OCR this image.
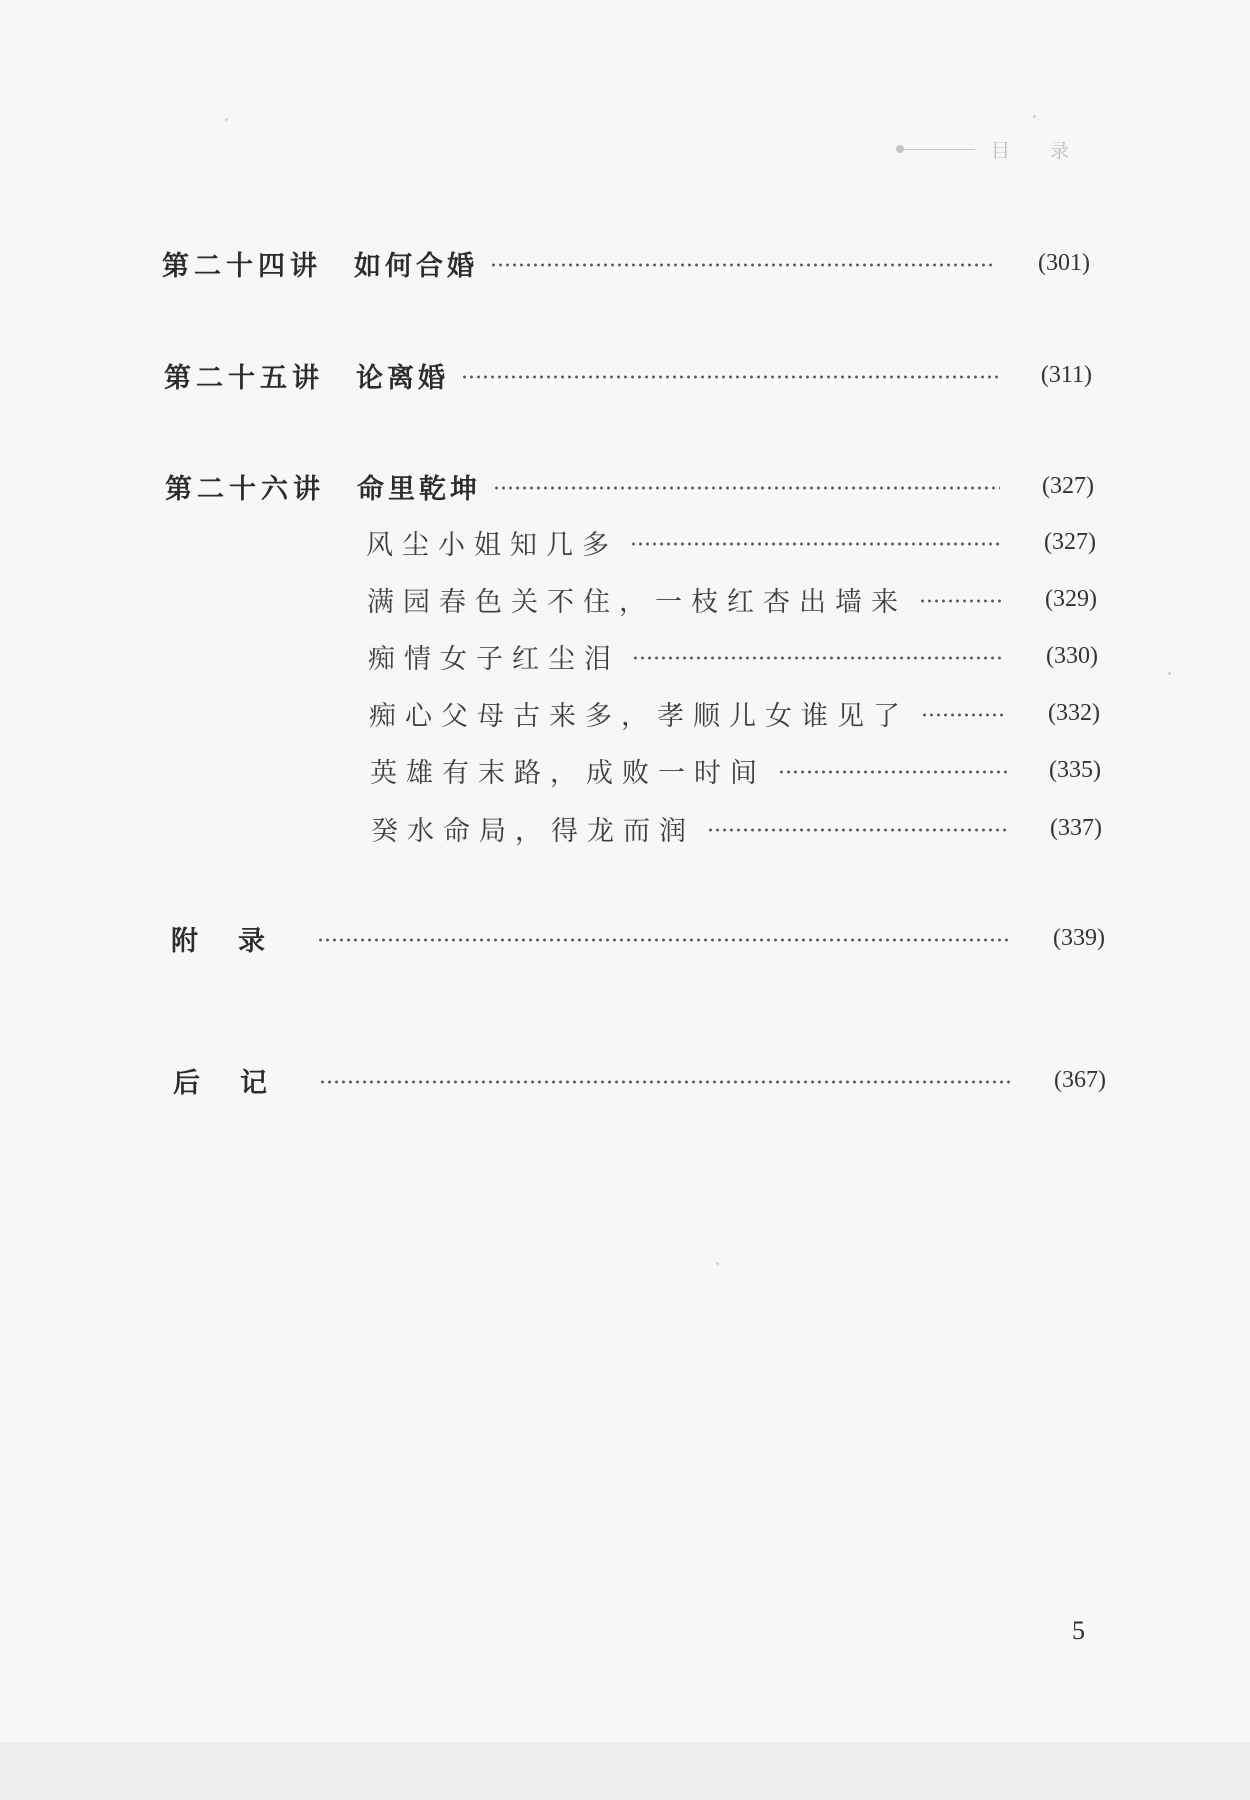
目 录
第二十四讲	如何合婚	(301)
第二十五讲	论离婚	(311)
第二十六讲	命里乾坤	(327)
风尘小姐知几多	(327)
满园春色关不住，一枝红杏出墙来	(329)
痴情女子红尘泪	(330)
痴心父母古来多，孝顺儿女谁见了	(332)
英雄有末路，成败一时间	(335)
癸水命局，得龙而润	(337)
附录	(339)
后记	(367)
5
